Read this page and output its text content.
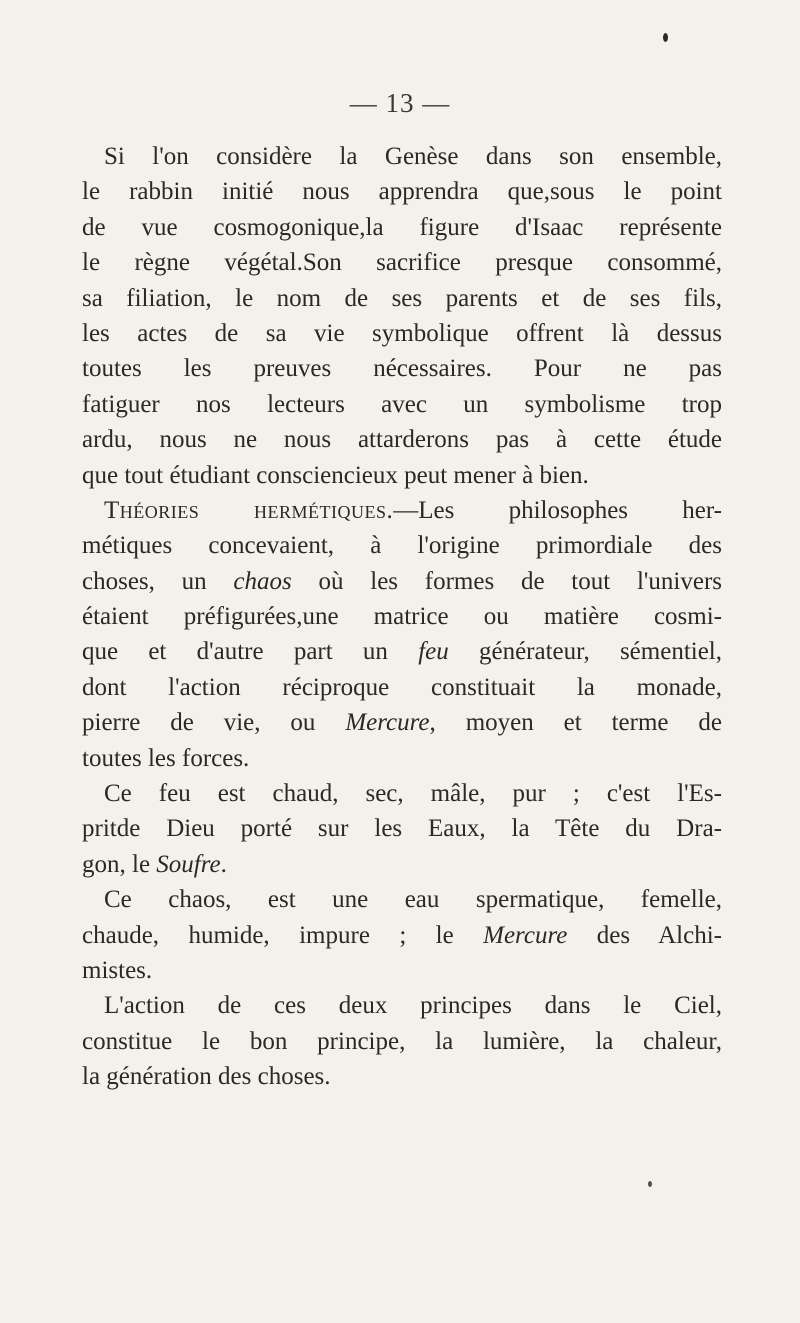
— 13 —
Si l'on considère la Genèse dans son ensemble,
le rabbin initié nous apprendra que,sous le point
de vue cosmogonique,la figure d'Isaac représente
le règne végétal.Son sacrifice presque consommé,
sa filiation, le nom de ses parents et de ses fils,
les actes de sa vie symbolique offrent là dessus
toutes les preuves nécessaires. Pour ne pas
fatiguer nos lecteurs avec un symbolisme trop
ardu, nous ne nous attarderons pas à cette étude
que tout étudiant consciencieux peut mener à bien.
Théories hermétiques.—Les philosophes her-
métiques concevaient, à l'origine primordiale des
choses, un chaos où les formes de tout l'univers
étaient préfigurées,une matrice ou matière cosmi-
que et d'autre part un feu générateur, sémentiel,
dont l'action réciproque constituait la monade,
pierre de vie, ou Mercure, moyen et terme de
toutes les forces.
Ce feu est chaud, sec, mâle, pur ; c'est l'Es-
pritde Dieu porté sur les Eaux, la Tête du Dra-
gon, le Soufre.
Ce chaos, est une eau spermatique, femelle,
chaude, humide, impure ; le Mercure des Alchi-
mistes.
L'action de ces deux principes dans le Ciel,
constitue le bon principe, la lumière, la chaleur,
la génération des choses.
